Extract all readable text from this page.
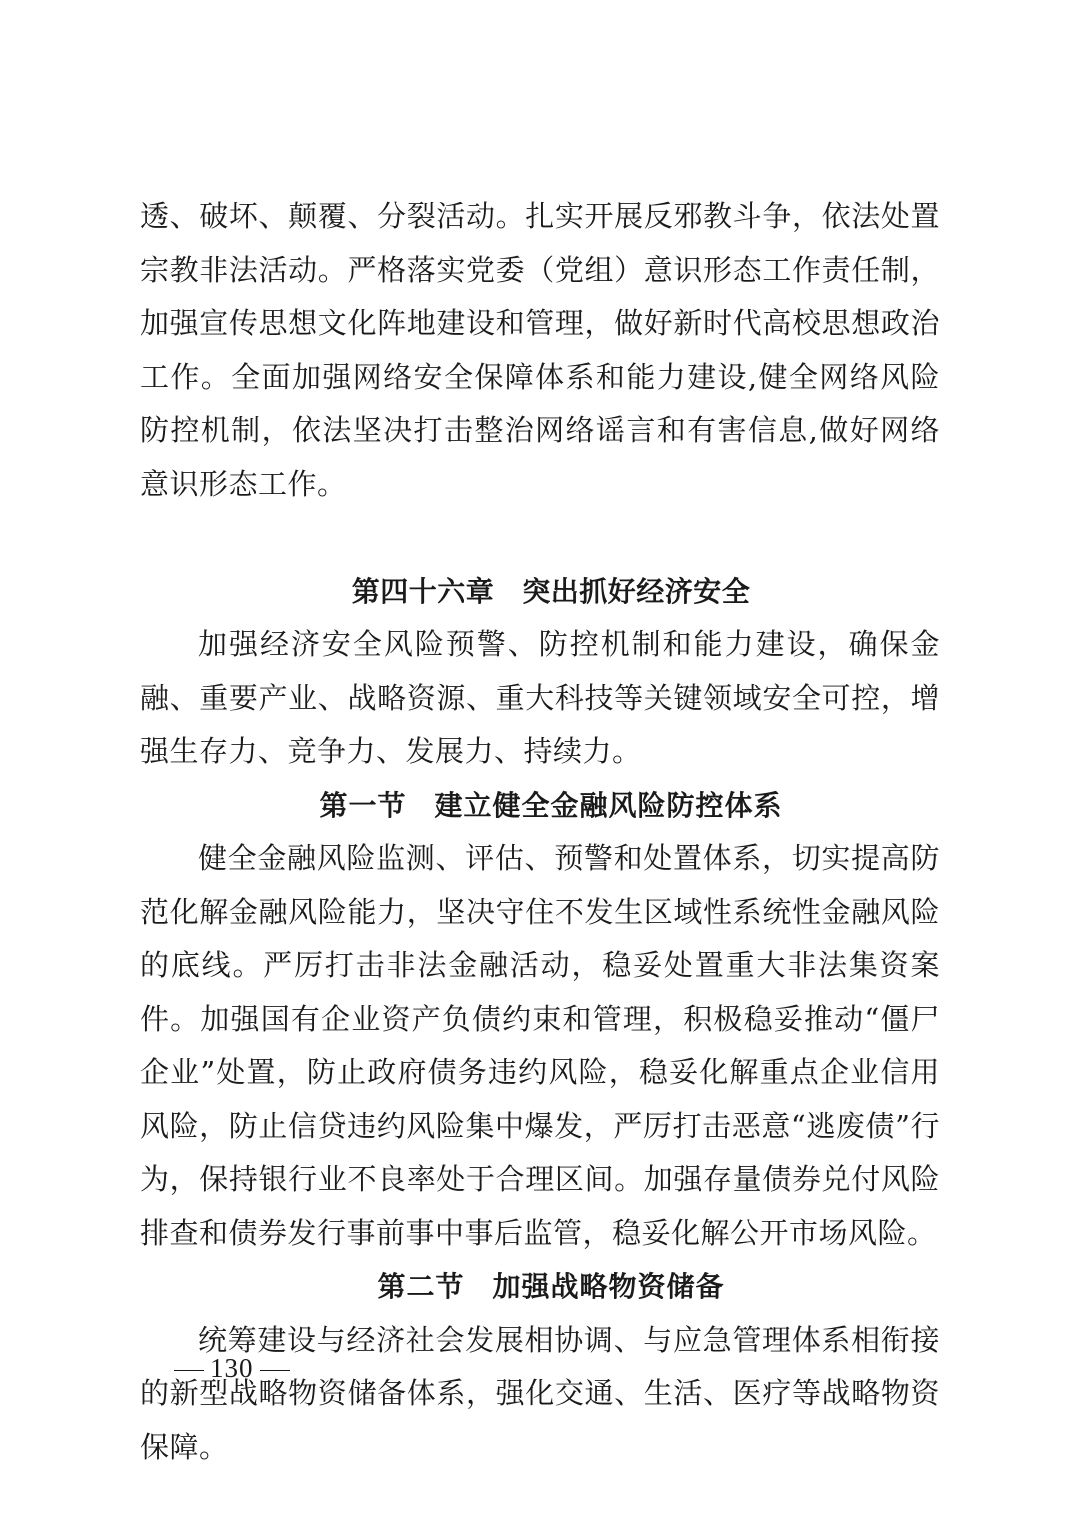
透、破坏、颠覆、分裂活动。扎实开展反邪教斗争，依法处置宗教非法活动。严格落实党委（党组）意识形态工作责任制，加强宣传思想文化阵地建设和管理，做好新时代高校思想政治工作。全面加强网络安全保障体系和能力建设,健全网络风险防控机制，依法坚决打击整治网络谣言和有害信息,做好网络意识形态工作。

第四十六章 突出抓好经济安全

加强经济安全风险预警、防控机制和能力建设，确保金融、重要产业、战略资源、重大科技等关键领域安全可控，增强生存力、竞争力、发展力、持续力。

第一节 建立健全金融风险防控体系

健全金融风险监测、评估、预警和处置体系，切实提高防范化解金融风险能力，坚决守住不发生区域性系统性金融风险的底线。严厉打击非法金融活动，稳妥处置重大非法集资案件。加强国有企业资产负债约束和管理，积极稳妥推动“僵尸企业”处置，防止政府债务违约风险，稳妥化解重点企业信用风险，防止信贷违约风险集中爆发，严厉打击恶意“逃废债”行为，保持银行业不良率处于合理区间。加强存量债券兑付风险排查和债券发行事前事中事后监管，稳妥化解公开市场风险。

第二节 加强战略物资储备

统筹建设与经济社会发展相协调、与应急管理体系相衔接的新型战略物资储备体系，强化交通、生活、医疗等战略物资保障。

130
